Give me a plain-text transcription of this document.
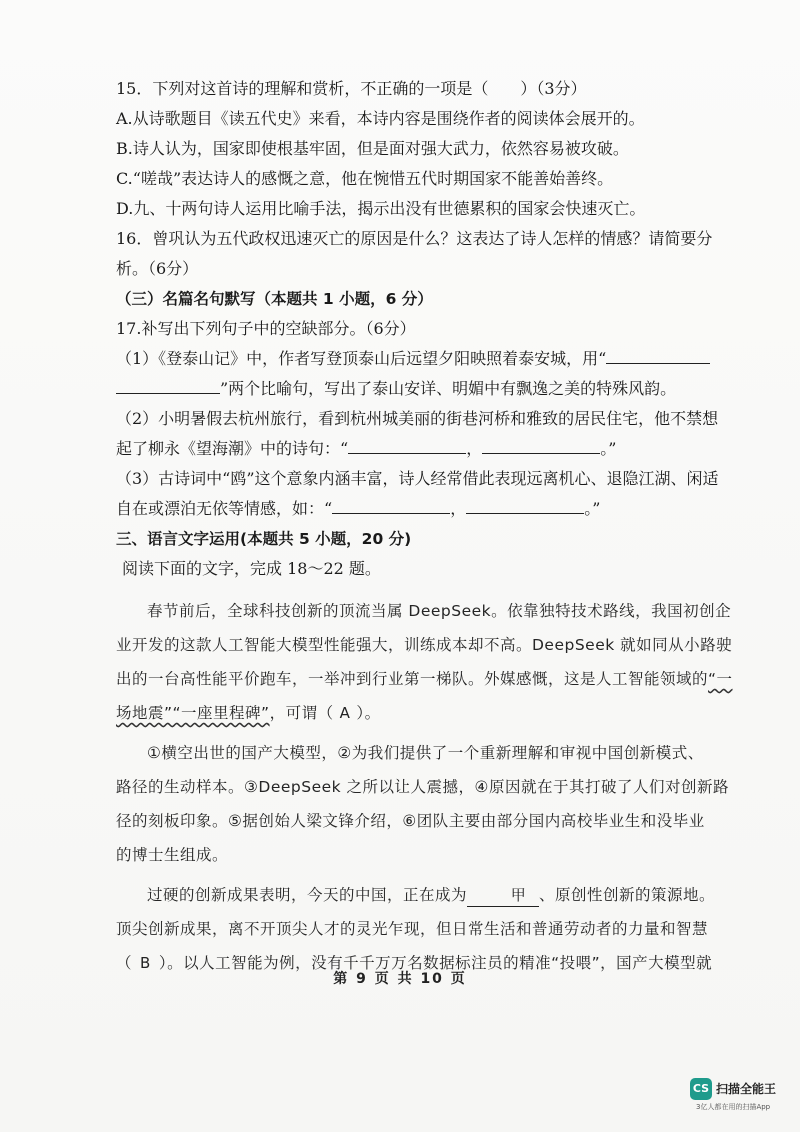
15．下列对这首诗的理解和赏析，不正确的一项是（　　）（3分）
A.从诗歌题目《读五代史》来看，本诗内容是围绕作者的阅读体会展开的。
B.诗人认为，国家即使根基牢固，但是面对强大武力，依然容易被攻破。
C.“嗟哉”表达诗人的感慨之意，他在惋惜五代时期国家不能善始善终。
D.九、十两句诗人运用比喻手法，揭示出没有世德累积的国家会快速灭亡。
16．曾巩认为五代政权迅速灭亡的原因是什么？这表达了诗人怎样的情感？请简要分
析。（6分）
（三）名篇名句默写（本题共 1 小题，6 分）
17.补写出下列句子中的空缺部分。（6分）
（1）《登泰山记》中，作者写登顶泰山后远望夕阳映照着泰安城，用“
”两个比喻句，写出了泰山安详、明媚中有飘逸之美的特殊风韵。
（2）小明暑假去杭州旅行，看到杭州城美丽的街巷河桥和雅致的居民住宅，他不禁想
起了柳永《望海潮》中的诗句：“	，	。”
（3）古诗词中“鸥”这个意象内涵丰富，诗人经常借此表现远离机心、退隐江湖、闲适
自在或漂泊无依等情感，如：“	，	。”
三、语言文字运用(本题共 5 小题，20 分)
阅读下面的文字，完成 18～22 题。

春节前后，全球科技创新的顶流当属 DeepSeek。依靠独特技术路线，我国初创企

业开发的这款人工智能大模型性能强大，训练成本却不高。DeepSeek 就如同从小路驶

出的一台高性能平价跑车，一举冲到行业第一梯队。外媒感慨，这是人工智能领域的“一

场地震”“一座里程碑”，可谓（ A ）。

①横空出世的国产大模型，②为我们提供了一个重新理解和审视中国创新模式、

路径的生动样本。③DeepSeek 之所以让人震撼，④原因就在于其打破了人们对创新路

径的刻板印象。⑤据创始人梁文锋介绍，⑥团队主要由部分国内高校毕业生和没毕业

的博士生组成。

过硬的创新成果表明，今天的中国，正在成为	甲 、原创性创新的策源地。

顶尖创新成果，离不开顶尖人才的灵光乍现，但日常生活和普通劳动者的力量和智慧

（ B ）。以人工智能为例，没有千千万万名数据标注员的精准“投喂”，国产大模型就

第 9 页 共 10 页
CS 扫描全能王
3亿人都在用的扫描App
